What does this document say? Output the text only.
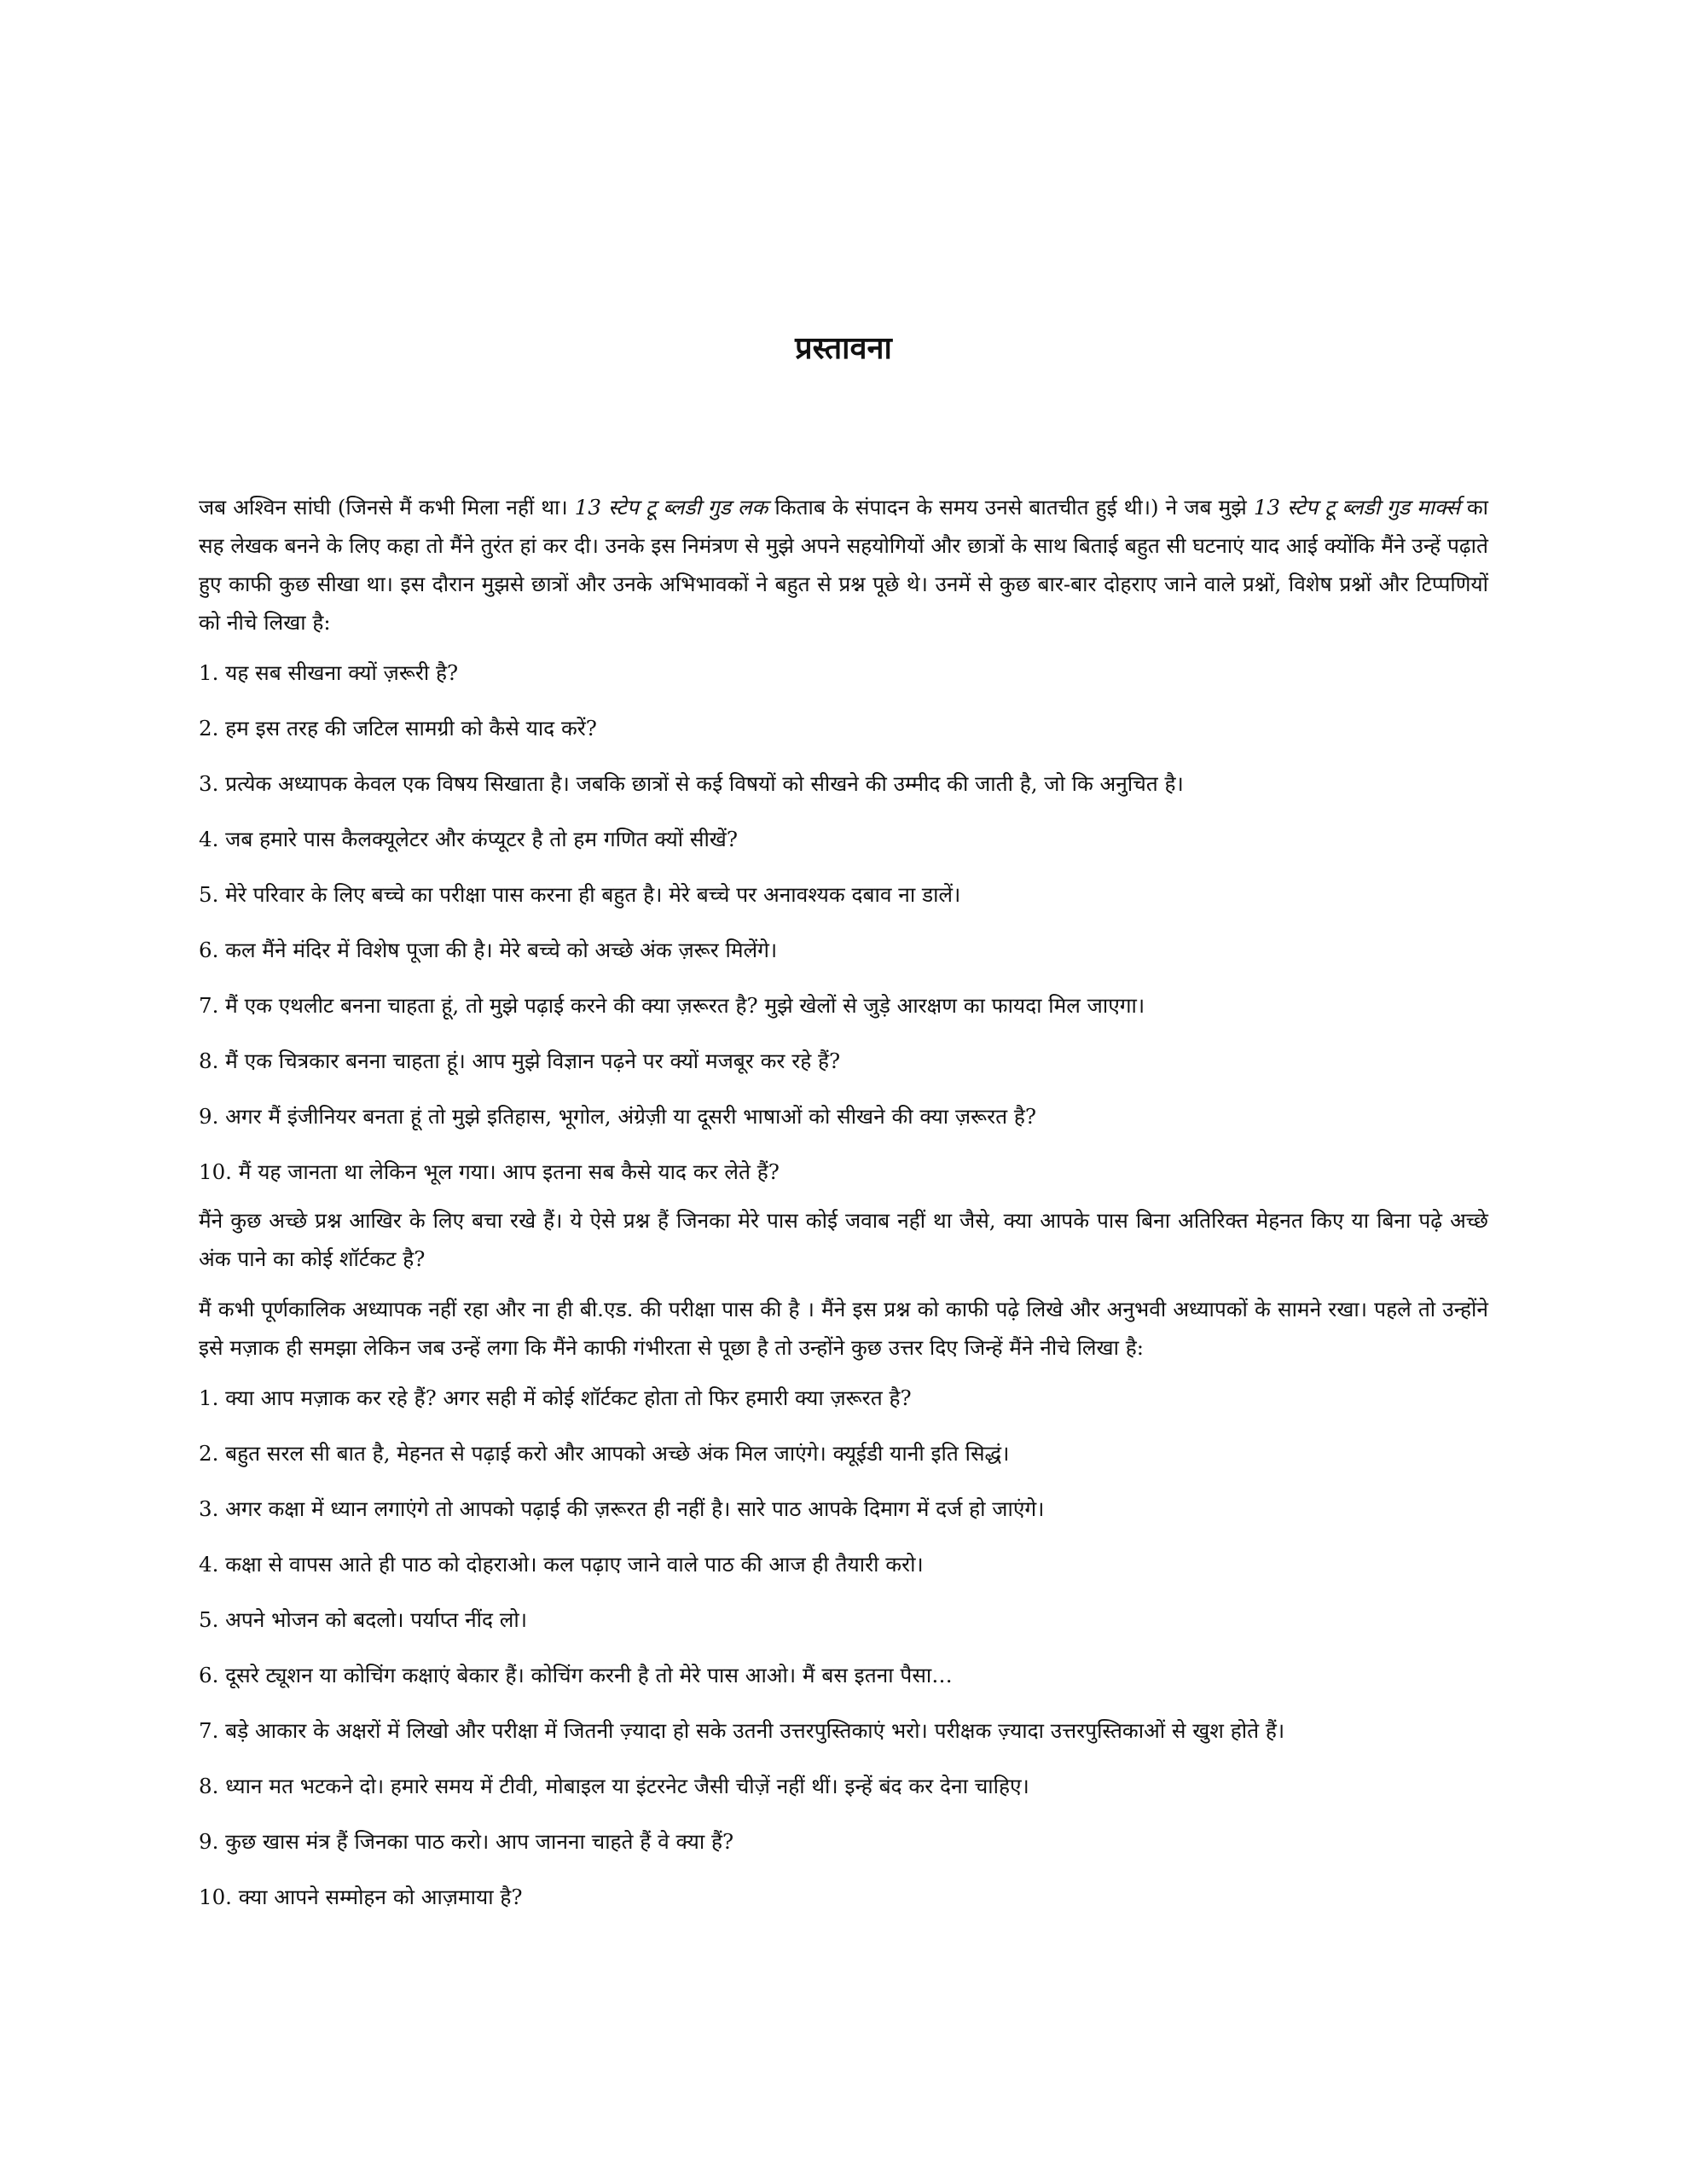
प्रस्तावना

जब अश्विन सांघी (जिनसे मैं कभी मिला नहीं था। 13 स्टेप टू ब्लडी गुड लक किताब के संपादन के समय उनसे बातचीत हुई थी।) ने जब मुझे 13 स्टेप टू ब्लडी गुड मार्क्स का सह लेखक बनने के लिए कहा तो मैंने तुरंत हां कर दी। उनके इस निमंत्रण से मुझे अपने सहयोगियों और छात्रों के साथ बिताई बहुत सी घटनाएं याद आई क्योंकि मैंने उन्हें पढ़ाते हुए काफी कुछ सीखा था। इस दौरान मुझसे छात्रों और उनके अभिभावकों ने बहुत से प्रश्न पूछे थे। उनमें से कुछ बार-बार दोहराए जाने वाले प्रश्नों, विशेष प्रश्नों और टिप्पणियों को नीचे लिखा है:

1. यह सब सीखना क्यों ज़रूरी है?
2. हम इस तरह की जटिल सामग्री को कैसे याद करें?
3. प्रत्येक अध्यापक केवल एक विषय सिखाता है। जबकि छात्रों से कई विषयों को सीखने की उम्मीद की जाती है, जो कि अनुचित है।
4. जब हमारे पास कैलक्यूलेटर और कंप्यूटर है तो हम गणित क्यों सीखें?
5. मेरे परिवार के लिए बच्चे का परीक्षा पास करना ही बहुत है। मेरे बच्चे पर अनावश्यक दबाव ना डालें।
6. कल मैंने मंदिर में विशेष पूजा की है। मेरे बच्चे को अच्छे अंक ज़रूर मिलेंगे।
7. मैं एक एथलीट बनना चाहता हूं, तो मुझे पढ़ाई करने की क्या ज़रूरत है? मुझे खेलों से जुड़े आरक्षण का फायदा मिल जाएगा।
8. मैं एक चित्रकार बनना चाहता हूं। आप मुझे विज्ञान पढ़ने पर क्यों मजबूर कर रहे हैं?
9. अगर मैं इंजीनियर बनता हूं तो मुझे इतिहास, भूगोल, अंग्रेज़ी या दूसरी भाषाओं को सीखने की क्या ज़रूरत है?
10. मैं यह जानता था लेकिन भूल गया। आप इतना सब कैसे याद कर लेते हैं?

मैंने कुछ अच्छे प्रश्न आखिर के लिए बचा रखे हैं। ये ऐसे प्रश्न हैं जिनका मेरे पास कोई जवाब नहीं था जैसे, क्या आपके पास बिना अतिरिक्त मेहनत किए या बिना पढ़े अच्छे अंक पाने का कोई शॉर्टकट है?

मैं कभी पूर्णकालिक अध्यापक नहीं रहा और ना ही बी.एड. की परीक्षा पास की है । मैंने इस प्रश्न को काफी पढ़े लिखे और अनुभवी अध्यापकों के सामने रखा। पहले तो उन्होंने इसे मज़ाक ही समझा लेकिन जब उन्हें लगा कि मैंने काफी गंभीरता से पूछा है तो उन्होंने कुछ उत्तर दिए जिन्हें मैंने नीचे लिखा है:

1. क्या आप मज़ाक कर रहे हैं? अगर सही में कोई शॉर्टकट होता तो फिर हमारी क्या ज़रूरत है?
2. बहुत सरल सी बात है, मेहनत से पढ़ाई करो और आपको अच्छे अंक मिल जाएंगे। क्यूईडी यानी इति सिद्धं।
3. अगर कक्षा में ध्यान लगाएंगे तो आपको पढ़ाई की ज़रूरत ही नहीं है। सारे पाठ आपके दिमाग में दर्ज हो जाएंगे।
4. कक्षा से वापस आते ही पाठ को दोहराओ। कल पढ़ाए जाने वाले पाठ की आज ही तैयारी करो।
5. अपने भोजन को बदलो। पर्याप्त नींद लो।
6. दूसरे ट्यूशन या कोचिंग कक्षाएं बेकार हैं। कोचिंग करनी है तो मेरे पास आओ। मैं बस इतना पैसा…
7. बड़े आकार के अक्षरों में लिखो और परीक्षा में जितनी ज़्यादा हो सके उतनी उत्तरपुस्तिकाएं भरो। परीक्षक ज़्यादा उत्तरपुस्तिकाओं से खुश होते हैं।
8. ध्यान मत भटकने दो। हमारे समय में टीवी, मोबाइल या इंटरनेट जैसी चीज़ें नहीं थीं। इन्हें बंद कर देना चाहिए।
9. कुछ खास मंत्र हैं जिनका पाठ करो। आप जानना चाहते हैं वे क्या हैं?
10. क्या आपने सम्मोहन को आज़माया है?
